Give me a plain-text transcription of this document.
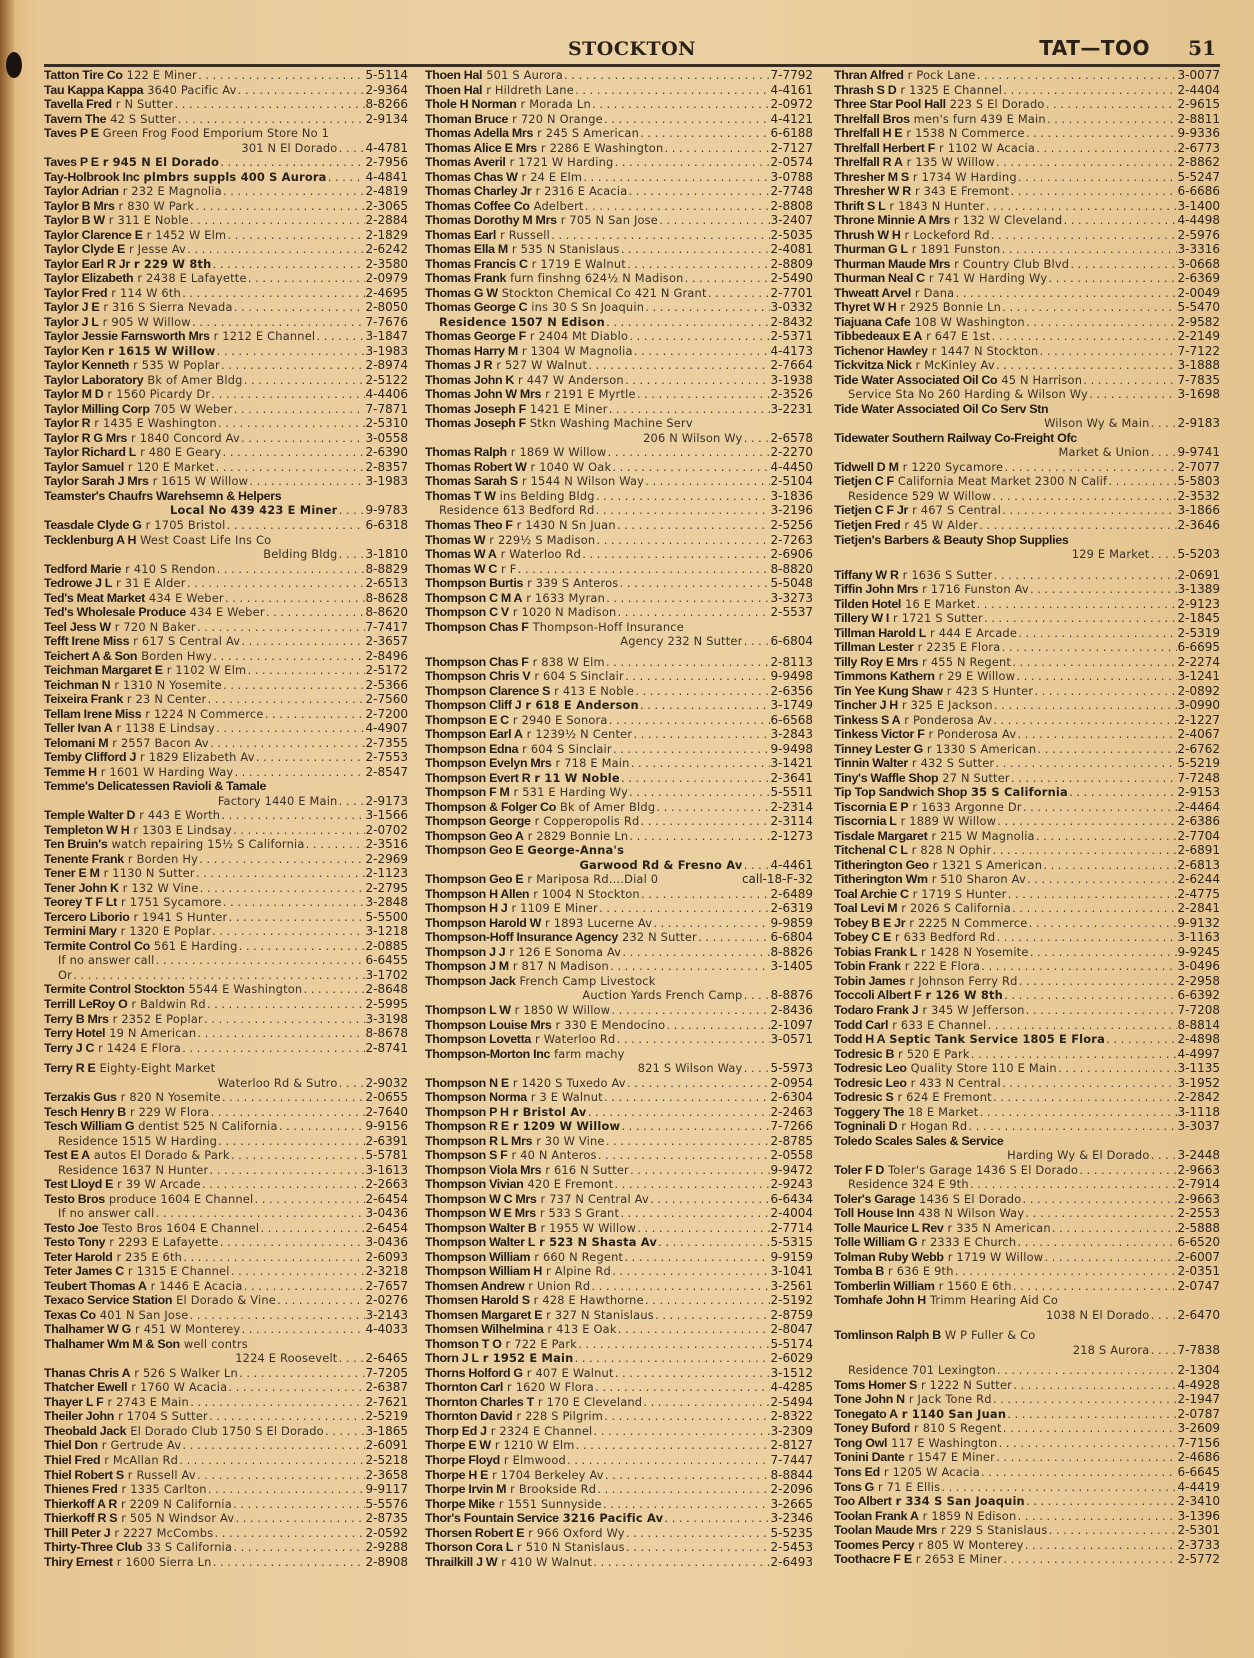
STOCKTON	TAT—TOO 51
Tatton Tire Co 122 E Miner .....	5-5114
Tau Kappa Kappa 3640 Pacific Av .....	2-9364
Tavella Fred r N Sutter .....	8-8266
Tavern The 42 S Sutter .....	2-9134
Taves P E Green Frog Food Emporium Store No 1
301 N El Dorado ..... 4-4781
Taves P E r 945 N El Dorado .....	2-7956
Tay-Holbrook Inc plmbrs suppls 400 S Aurora .....	4-4841
Taylor Adrian r 232 E Magnolia .....	2-4819
Taylor B Mrs r 830 W Park .....	2-3065
Taylor B W r 311 E Noble .....	2-2884
Taylor Clarence E r 1452 W Elm .....	2-1829
Taylor Clyde E r Jesse Av .....	2-6242
Taylor Earl R Jr r 229 W 8th .....	2-3580
Taylor Elizabeth r 2438 E Lafayette .....	2-0979
Taylor Fred r 114 W 6th .....	2-4695
Taylor J E r 316 S Sierra Nevada .....	2-8050
Taylor J L r 905 W Willow .....	7-7676
Taylor Jessie Farnsworth Mrs r 1212 E Channel .....	3-1847
Taylor Ken r 1615 W Willow .....	3-1983
Taylor Kenneth r 535 W Poplar .....	2-8974
Taylor Laboratory Bk of Amer Bldg .....	2-5122
Taylor M D r 1560 Picardy Dr .....	4-4406
Taylor Milling Corp 705 W Weber .....	7-7871
Taylor R r 1435 E Washington .....	2-5310
Taylor R G Mrs r 1840 Concord Av .....	3-0558
Taylor Richard L r 480 E Geary .....	2-6390
Taylor Samuel r 120 E Market .....	2-8357
Taylor Sarah J Mrs r 1615 W Willow .....	3-1983
Teamster's Chaufrs Warehsemn & Helpers
Local No 439 423 E Miner ..... 9-9783
Teasdale Clyde G r 1705 Bristol .....	6-6318
Tecklenburg A H West Coast Life Ins Co
Belding Bldg ..... 3-1810
Tedford Marie r 410 S Rendon .....	8-8829
Tedrowe J L r 31 E Alder .....	2-6513
Ted's Meat Market 434 E Weber .....	8-8628
Ted's Wholesale Produce 434 E Weber .....	8-8620
Teel Jess W r 720 N Baker .....	7-7417
Tefft Irene Miss r 617 S Central Av .....	2-3657
Teichert A & Son Borden Hwy .....	2-8496
Teichman Margaret E r 1102 W Elm .....	2-5172
Teichman N r 1310 N Yosemite .....	2-5366
Teixeira Frank r 23 N Center .....	2-7560
Tellam Irene Miss r 1224 N Commerce .....	2-7200
Teller Ivan A r 1138 E Lindsay .....	4-4907
Telomani M r 2557 Bacon Av .....	2-7355
Temby Clifford J r 1829 Elizabeth Av .....	2-7553
Temme H r 1601 W Harding Way .....	2-8547
Temme's Delicatessen Ravioli & Tamale
Factory 1440 E Main ..... 2-9173
Temple Walter D r 443 E Worth .....	3-1566
Templeton W H r 1303 E Lindsay .....	2-0702
Ten Bruin's watch repairing 15½ S California .....	2-3516
Tenente Frank r Borden Hy .....	2-2969
Tener E M r 1130 N Sutter .....	2-1123
Tener John K r 132 W Vine .....	2-2795
Teorey T F Lt r 1751 Sycamore .....	3-2848
Tercero Liborio r 1941 S Hunter .....	5-5500
Termini Mary r 1320 E Poplar .....	3-1218
Termite Control Co 561 E Harding .....	2-0885
If no answer call .....	6-6455
Or .....	3-1702
Termite Control Stockton 5544 E Washington .....	2-8648
Terrill LeRoy O r Baldwin Rd .....	2-5995
Terry B Mrs r 2352 E Poplar .....	3-3198
Terry Hotel 19 N American .....	8-8678
Terry J C r 1424 E Flora .....	2-8741
Terry R E Eighty-Eight Market
Waterloo Rd & Sutro ..... 2-9032
Terzakis Gus r 820 N Yosemite .....	2-0655
Tesch Henry B r 229 W Flora .....	2-7640
Tesch William G dentist 525 N California .....	9-9156
Residence 1515 W Harding .....	2-6391
Test E A autos El Dorado & Park .....	5-5781
Residence 1637 N Hunter .....	3-1613
Test Lloyd E r 39 W Arcade .....	2-2663
Testo Bros produce 1604 E Channel .....	2-6454
If no answer call .....	3-0436
Testo Joe Testo Bros 1604 E Channel .....	2-6454
Testo Tony r 2293 E Lafayette .....	3-0436
Teter Harold r 235 E 6th .....	2-6093
Teter James C r 1315 E Channel .....	2-3218
Teubert Thomas A r 1446 E Acacia .....	2-7657
Texaco Service Station El Dorado & Vine .....	2-0276
Texas Co 401 N San Jose .....	3-2143
Thalhamer W G r 451 W Monterey .....	4-4033
Thalhamer Wm M & Son well contrs
1224 E Roosevelt ..... 2-6465
Thanas Chris A r 526 S Walker Ln .....	7-7205
Thatcher Ewell r 1760 W Acacia .....	2-6387
Thayer L F r 2743 E Main .....	2-7621
Theiler John r 1704 S Sutter .....	2-5219
Theobald Jack El Dorado Club 1750 S El Dorado .....	3-1865
Thiel Don r Gertrude Av .....	2-6091
Thiel Fred r McAllan Rd .....	2-5218
Thiel Robert S r Russell Av .....	2-3658
Thienes Fred r 1335 Carlton .....	9-9117
Thierkoff A R r 2209 N California .....	5-5576
Thierkoff R S r 505 N Windsor Av .....	2-8735
Thill Peter J r 2227 McCombs .....	2-0592
Thirty-Three Club 33 S California .....	2-9288
Thiry Ernest r 1600 Sierra Ln .....	2-8908
Thoen Hal 501 S Aurora .....	7-7792
Thoen Hal r Hildreth Lane .....	4-4161
Thole H Norman r Morada Ln .....	2-0972
Thoman Bruce r 720 N Orange .....	4-4121
Thomas Adella Mrs r 245 S American .....	6-6188
Thomas Alice E Mrs r 2286 E Washington .....	2-7127
Thomas Averil r 1721 W Harding .....	2-0574
Thomas Chas W r 24 E Elm .....	3-0788
Thomas Charley Jr r 2316 E Acacia .....	2-7748
Thomas Coffee Co Adelbert .....	2-8808
Thomas Dorothy M Mrs r 705 N San Jose .....	3-2407
Thomas Earl r Russell .....	2-5035
Thomas Ella M r 535 N Stanislaus .....	2-4081
Thomas Francis C r 1719 E Walnut .....	2-8809
Thomas Frank furn finshng 624½ N Madison .....	2-5490
Thomas G W Stockton Chemical Co 421 N Grant .....	2-7701
Thomas George C ins 30 S Sn Joaquin .....	3-0332
Residence 1507 N Edison .....	2-8432
Thomas George F r 2404 Mt Diablo .....	2-5371
Thomas Harry M r 1304 W Magnolia .....	4-4173
Thomas J R r 527 W Walnut .....	2-7664
Thomas John K r 447 W Anderson .....	3-1938
Thomas John W Mrs r 2191 E Myrtle .....	2-3526
Thomas Joseph F 1421 E Miner .....	3-2231
Thomas Joseph F Stkn Washing Machine Serv
206 N Wilson Wy ..... 2-6578
Thomas Ralph r 1869 W Willow .....	2-2270
Thomas Robert W r 1040 W Oak .....	4-4450
Thomas Sarah S r 1544 N Wilson Way .....	2-5104
Thomas T W ins Belding Bldg .....	3-1836
Residence 613 Bedford Rd .....	3-2196
Thomas Theo F r 1430 N Sn Juan .....	2-5256
Thomas W r 229½ S Madison .....	2-7263
Thomas W A r Waterloo Rd .....	2-6906
Thomas W C r F .....	8-8820
Thompson Burtis r 339 S Anteros .....	5-5048
Thompson C M A r 1633 Myran .....	3-3273
Thompson C V r 1020 N Madison .....	2-5537
Thompson Chas F Thompson-Hoff Insurance
Agency 232 N Sutter ..... 6-6804
Thompson Chas F r 838 W Elm .....	2-8113
Thompson Chris V r 604 S Sinclair .....	9-9498
Thompson Clarence S r 413 E Noble .....	2-6356
Thompson Cliff J r 618 E Anderson .....	3-1749
Thompson E C r 2940 E Sonora .....	6-6568
Thompson Earl A r 1239½ N Center .....	3-2843
Thompson Edna r 604 S Sinclair .....	9-9498
Thompson Evelyn Mrs r 718 E Main .....	3-1421
Thompson Evert R r 11 W Noble .....	2-3641
Thompson F M r 531 E Harding Wy .....	5-5511
Thompson & Folger Co Bk of Amer Bldg .....	2-2314
Thompson George r Copperopolis Rd .....	2-3114
Thompson Geo A r 2829 Bonnie Ln .....	2-1273
Thompson Geo E George-Anna's
Garwood Rd & Fresno Av ..... 4-4461
Thompson Geo E r Mariposa Rd....Dial 0	call-18-F-32
Thompson H Allen r 1004 N Stockton .....	2-6489
Thompson H J r 1109 E Miner .....	2-6319
Thompson Harold W r 1893 Lucerne Av .....	9-9859
Thompson-Hoff Insurance Agency 232 N Sutter .....	6-6804
Thompson J J r 126 E Sonoma Av .....	8-8826
Thompson J M r 817 N Madison .....	3-1405
Thompson Jack French Camp Livestock
Auction Yards French Camp ..... 8-8876
Thompson L W r 1850 W Willow .....	2-8436
Thompson Louise Mrs r 330 E Mendocino .....	2-1097
Thompson Lovetta r Waterloo Rd .....	3-0571
Thompson-Morton Inc farm machy
821 S Wilson Way ..... 5-5973
Thompson N E r 1420 S Tuxedo Av .....	2-0954
Thompson Norma r 3 E Walnut .....	2-6304
Thompson P H r Bristol Av .....	2-2463
Thompson R E r 1209 W Willow .....	7-7266
Thompson R L Mrs r 30 W Vine .....	2-8785
Thompson S F r 40 N Anteros .....	2-0558
Thompson Viola Mrs r 616 N Sutter .....	9-9472
Thompson Vivian 420 E Fremont .....	2-9243
Thompson W C Mrs r 737 N Central Av .....	6-6434
Thompson W E Mrs r 533 S Grant .....	2-4004
Thompson Walter B r 1955 W Willow .....	2-7714
Thompson Walter L r 523 N Shasta Av .....	5-5315
Thompson William r 660 N Regent .....	9-9159
Thompson William H r Alpine Rd .....	3-1041
Thomsen Andrew r Union Rd .....	3-2561
Thomsen Harold S r 428 E Hawthorne .....	2-5192
Thomsen Margaret E r 327 N Stanislaus .....	2-8759
Thomsen Wilhelmina r 413 E Oak .....	2-8047
Thomson T O r 722 E Park .....	5-5174
Thorn J L r 1952 E Main .....	2-6029
Thorns Holford G r 407 E Walnut .....	3-1512
Thornton Carl r 1620 W Flora .....	4-4285
Thornton Charles T r 170 E Cleveland .....	2-5494
Thornton David r 228 S Pilgrim .....	2-8322
Thorp Ed J r 2324 E Channel .....	3-2309
Thorpe E W r 1210 W Elm .....	2-8127
Thorpe Floyd r Elmwood .....	7-7447
Thorpe H E r 1704 Berkeley Av .....	8-8844
Thorpe Irvin M r Brookside Rd .....	2-2096
Thorpe Mike r 1551 Sunnyside .....	3-2665
Thor's Fountain Service 3216 Pacific Av .....	3-2346
Thorsen Robert E r 966 Oxford Wy .....	5-5235
Thorson Cora L r 510 N Stanislaus .....	2-5453
Thrailkill J W r 410 W Walnut .....	2-6493
Thran Alfred r Pock Lane .....	3-0077
Thrash S D r 1325 E Channel .....	2-4404
Three Star Pool Hall 223 S El Dorado .....	2-9615
Threlfall Bros men's furn 439 E Main .....	2-8811
Threlfall H E r 1538 N Commerce .....	9-9336
Threlfall Herbert F r 1102 W Acacia .....	2-6773
Threlfall R A r 135 W Willow .....	2-8862
Thresher M S r 1734 W Harding .....	5-5247
Thresher W R r 343 E Fremont .....	6-6686
Thrift S L r 1843 N Hunter .....	3-1400
Throne Minnie A Mrs r 132 W Cleveland .....	4-4498
Thrush W H r Lockeford Rd .....	2-5976
Thurman G L r 1891 Funston .....	3-3316
Thurman Maude Mrs r Country Club Blvd .....	3-0668
Thurman Neal C r 741 W Harding Wy .....	2-6369
Thweatt Arvel r Dana .....	2-0049
Thyret W H r 2925 Bonnie Ln .....	5-5470
Tiajuana Cafe 108 W Washington .....	2-9582
Tibbedeaux E A r 647 E 1st .....	2-2149
Tichenor Hawley r 1447 N Stockton .....	7-7122
Tickvitza Nick r McKinley Av .....	3-1888
Tide Water Associated Oil Co 45 N Harrison .....	7-7835
Service Sta No 260 Harding & Wilson Wy .....	3-1698
Tide Water Associated Oil Co Serv Stn
Wilson Wy & Main ..... 2-9183
Tidewater Southern Railway Co-Freight Ofc
Market & Union ..... 9-9741
Tidwell D M r 1220 Sycamore .....	2-7077
Tietjen C F California Meat Market 2300 N Calif .....	5-5803
Residence 529 W Willow .....	2-3532
Tietjen C F Jr r 467 S Central .....	3-1866
Tietjen Fred r 45 W Alder .....	2-3646
Tietjen's Barbers & Beauty Shop Supplies
129 E Market ..... 5-5203
Tiffany W R r 1636 S Sutter .....	2-0691
Tiffin John Mrs r 1716 Funston Av .....	3-1389
Tilden Hotel 16 E Market .....	2-9123
Tillery W I r 1721 S Sutter .....	2-1845
Tillman Harold L r 444 E Arcade .....	2-5319
Tillman Lester r 2235 E Flora .....	6-6695
Tilly Roy E Mrs r 455 N Regent .....	2-2274
Timmons Kathern r 29 E Willow .....	3-1241
Tin Yee Kung Shaw r 423 S Hunter .....	2-0892
Tincher J H r 325 E Jackson .....	3-0990
Tinkess S A r Ponderosa Av .....	2-1227
Tinkess Victor F r Ponderosa Av .....	2-4067
Tinney Lester G r 1330 S American .....	2-6762
Tinnin Walter r 432 S Sutter .....	5-5219
Tiny's Waffle Shop 27 N Sutter .....	7-7248
Tip Top Sandwich Shop 35 S California .....	2-9153
Tiscornia E P r 1633 Argonne Dr .....	2-4464
Tiscornia L r 1889 W Willow .....	2-6386
Tisdale Margaret r 215 W Magnolia .....	2-7704
Titchenal C L r 828 N Ophir .....	2-6891
Titherington Geo r 1321 S American .....	2-6813
Titherington Wm r 510 Sharon Av .....	2-6244
Toal Archie C r 1719 S Hunter .....	2-4775
Toal Levi M r 2026 S California .....	2-2841
Tobey B E Jr r 2225 N Commerce .....	9-9132
Tobey C E r 633 Bedford Rd .....	3-1163
Tobias Frank L r 1428 N Yosemite .....	9-9245
Tobin Frank r 222 E Flora .....	3-0496
Tobin James r Johnson Ferry Rd .....	2-2958
Toccoli Albert F r 126 W 8th .....	6-6392
Todaro Frank J r 345 W Jefferson .....	7-7208
Todd Carl r 633 E Channel .....	8-8814
Todd H A Septic Tank Service 1805 E Flora .....	2-4898
Todresic B r 520 E Park .....	4-4997
Todresic Leo Quality Store 110 E Main .....	3-1135
Todresic Leo r 433 N Central .....	3-1952
Todresic S r 624 E Fremont .....	2-2842
Toggery The 18 E Market .....	3-1118
Togninali D r Hogan Rd .....	3-3037
Toledo Scales Sales & Service
Harding Wy & El Dorado ..... 3-2448
Toler F D Toler's Garage 1436 S El Dorado .....	2-9663
Residence 324 E 9th .....	2-7914
Toler's Garage 1436 S El Dorado .....	2-9663
Toll House Inn 438 N Wilson Way .....	2-2553
Tolle Maurice L Rev r 335 N American .....	2-5888
Tolle William G r 2333 E Church .....	6-6520
Tolman Ruby Webb r 1719 W Willow .....	2-6007
Tomba B r 636 E 9th .....	2-0351
Tomberlin William r 1560 E 6th .....	2-0747
Tomhafe John H Trimm Hearing Aid Co
1038 N El Dorado ..... 2-6470
Tomlinson Ralph B W P Fuller & Co
218 S Aurora ..... 7-7838
Residence 701 Lexington .....	2-1304
Toms Homer S r 1222 N Sutter .....	4-4928
Tone John N r Jack Tone Rd .....	2-1947
Tonegato A r 1140 San Juan .....	2-0787
Toney Buford r 810 S Regent .....	3-2609
Tong Owl 117 E Washington .....	7-7156
Tonini Dante r 1547 E Miner .....	2-4686
Tons Ed r 1205 W Acacia .....	6-6645
Tons G r 71 E Ellis .....	4-4419
Too Albert r 334 S San Joaquin .....	2-3410
Toolan Frank A r 1859 N Edison .....	3-1396
Toolan Maude Mrs r 229 S Stanislaus .....	2-5301
Toomes Percy r 805 W Monterey .....	2-3733
Toothacre F E r 2653 E Miner .....	2-5772
